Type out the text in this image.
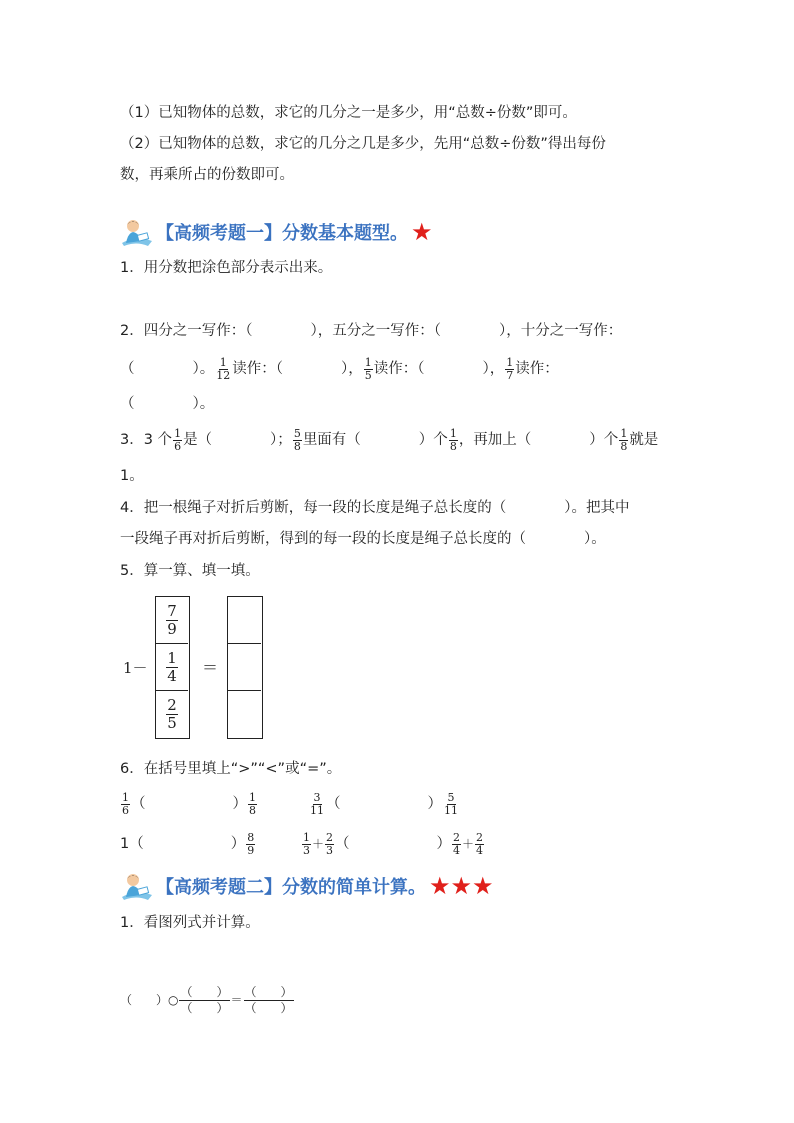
（1）已知物体的总数，求它的几分之一是多少，用“总数÷份数”即可。
（2）已知物体的总数，求它的几分之几是多少，先用“总数÷份数”得出每份
数，再乘所占的份数即可。
【高频考题一】分数基本题型。 ★
1．用分数把涂色部分表示出来。
2．四分之一写作：（　　　　），五分之一写作：（　　　　），十分之一写作：
（　　　　）。 $\frac{1}{12}$ 读作：（　　　　）， $\frac{1}{5}$ 读作：（　　　　）， $\frac{1}{7}$ 读作：
（　　　　）。
3．3 个 $\frac{1}{6}$ 是（　　　　）； $\frac{5}{8}$ 里面有（　　　　）个 $\frac{1}{8}$ ，再加上（　　　　）个 $\frac{1}{8}$ 就是
1。
4．把一根绳子对折后剪断，每一段的长度是绳子总长度的（　　　　）。把其中
一段绳子再对折后剪断，得到的每一段的长度是绳子总长度的（　　　　）。
5．算一算、填一填。
1－
$\frac{7}{9}$
$\frac{1}{4}$
$\frac{2}{5}$
＝
6．在括号里填上“>”“<”或“=”。
$\frac{1}{6}$ （　　　　　　） $\frac{1}{8}$	$\frac{3}{11}$ （　　　　　　） $\frac{5}{11}$
1（　　　　　　） $\frac{8}{9}$	$\frac{1}{3} + \frac{2}{3}$ （　　　　　　） $\frac{2}{4} + \frac{2}{4}$
【高频考题二】分数的简单计算。 ★★★
1．看图列式并计算。
（　　）○ $\frac{( )}{( )} = \frac{( )}{( )}$
